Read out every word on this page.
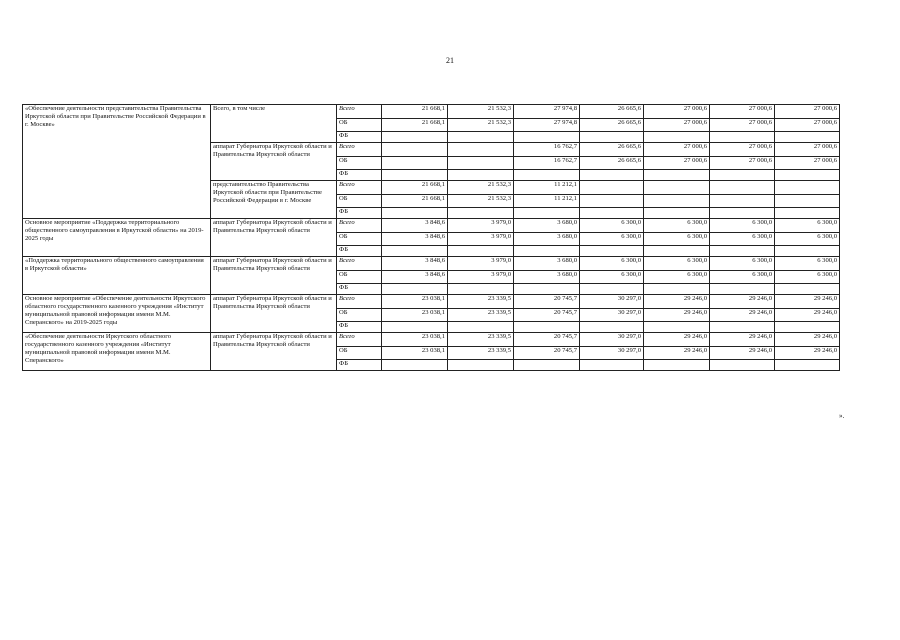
21
«Обеспечение деятельности представительства Правительства Иркутской области при Правительстве Российской Федерации в г. Москве»	Всего, в том числе	Всего	21 668,1	21 532,3	27 974,8	26 665,6	27 000,6	27 000,6	27 000,6
		ОБ	21 668,1	21 532,3	27 974,8	26 665,6	27 000,6	27 000,6	27 000,6
		ФБ							
	аппарат Губернатора Иркутской области и Правительства Иркутской области	Всего			16 762,7	26 665,6	27 000,6	27 000,6	27 000,6
		ОБ			16 762,7	26 665,6	27 000,6	27 000,6	27 000,6
		ФБ							
	представительство Правительства Иркутской области при Правительстве Российской Федерации в г. Москве	Всего	21 668,1	21 532,3	11 212,1				
		ОБ	21 668,1	21 532,3	11 212,1				
		ФБ							
Основное мероприятие «Поддержка территориального общественного самоуправления в Иркутской области» на 2019-2025 годы	аппарат Губернатора Иркутской области и Правительства Иркутской области	Всего	3 848,6	3 979,0	3 680,0	6 300,0	6 300,0	6 300,0	6 300,0
		ОБ	3 848,6	3 979,0	3 680,0	6 300,0	6 300,0	6 300,0	6 300,0
		ФБ							
«Поддержка территориального общественного самоуправления в Иркутской области»	аппарат Губернатора Иркутской области и Правительства Иркутской области	Всего	3 848,6	3 979,0	3 680,0	6 300,0	6 300,0	6 300,0	6 300,0
		ОБ	3 848,6	3 979,0	3 680,0	6 300,0	6 300,0	6 300,0	6 300,0
		ФБ							
Основное мероприятие «Обеспечение деятельности Иркутского областного государственного казенного учреждения «Институт муниципальной правовой информации имени М.М. Сперанского» на 2019-2025 годы	аппарат Губернатора Иркутской области и Правительства Иркутской области	Всего	23 038,1	23 339,5	20 745,7	30 297,0	29 246,0	29 246,0	29 246,0
		ОБ	23 038,1	23 339,5	20 745,7	30 297,0	29 246,0	29 246,0	29 246,0
		ФБ							
«Обеспечение деятельности Иркутского областного государственного казенного учреждения «Институт муниципальной правовой информации имени М.М. Сперанского»	аппарат Губернатора Иркутской области и Правительства Иркутской области	Всего	23 038,1	23 339,5	20 745,7	30 297,0	29 246,0	29 246,0	29 246,0
		ОБ	23 038,1	23 339,5	20 745,7	30 297,0	29 246,0	29 246,0	29 246,0
		ФБ							
».
